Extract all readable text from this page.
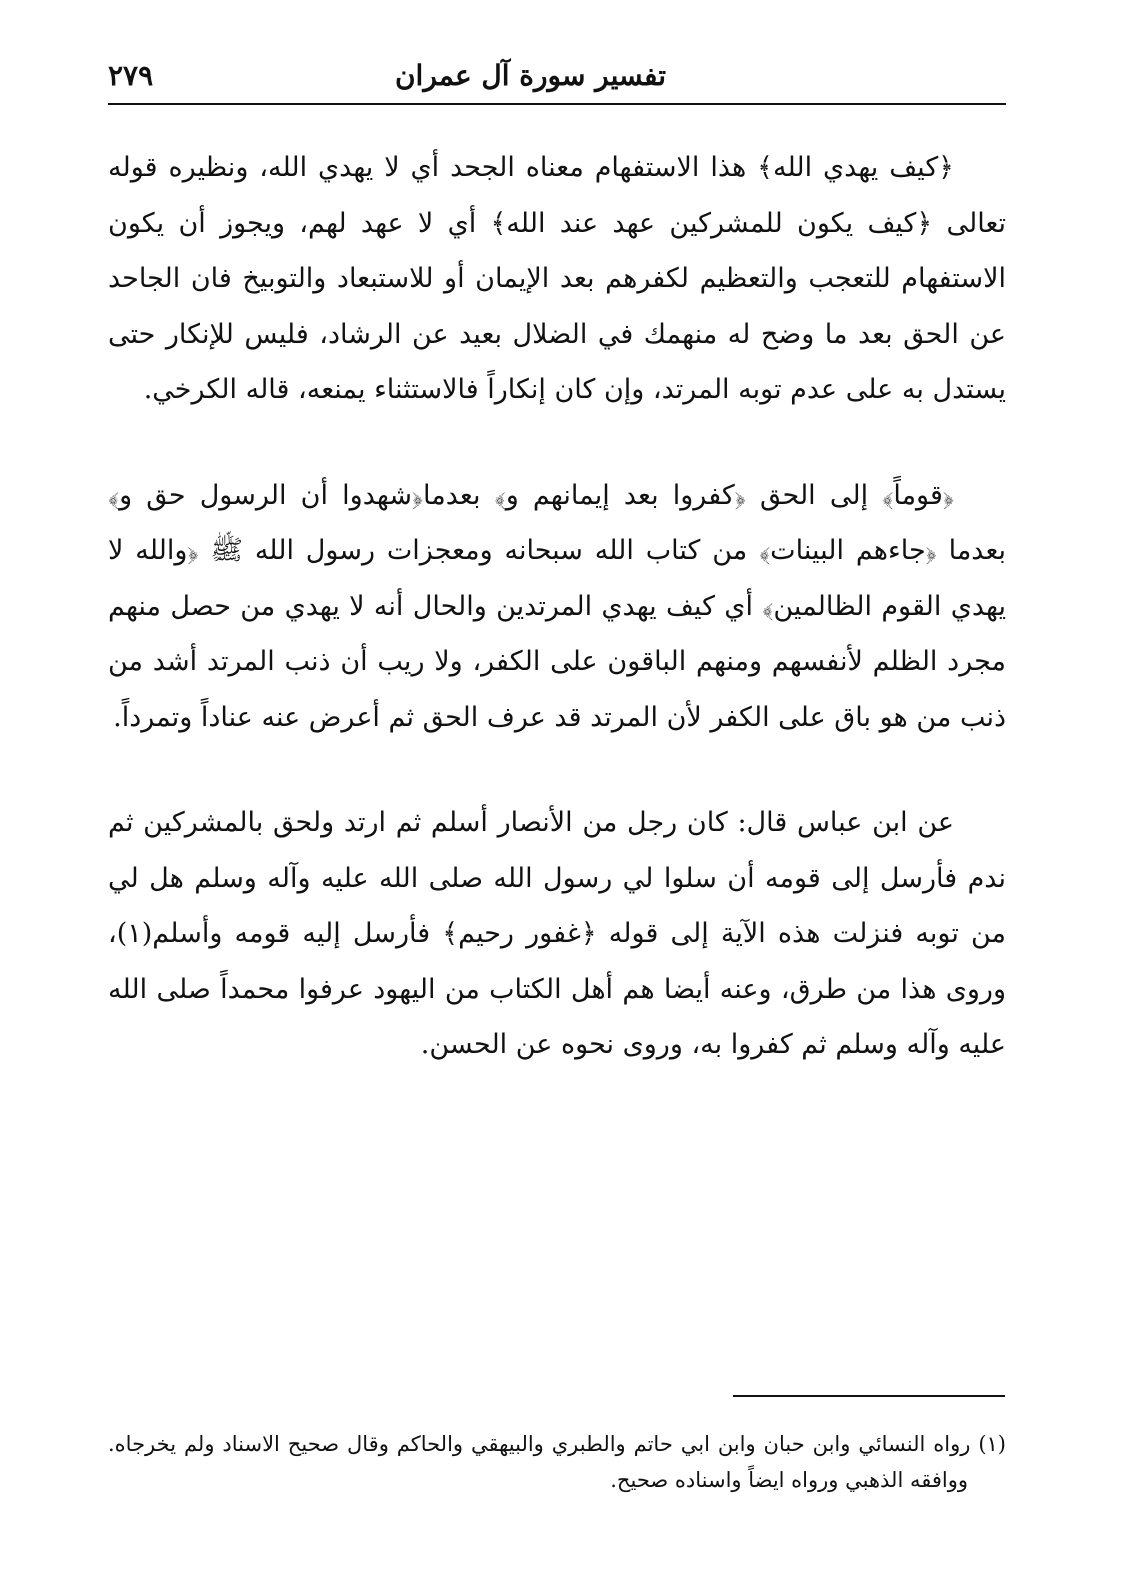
تفسير سورة آل عمران
٢٧٩

﴿كيف يهدي الله﴾ هذا الاستفهام معناه الجحد أي لا يهدي الله، ونظيره قوله تعالى ﴿كيف يكون للمشركين عهد عند الله﴾ أي لا عهد لهم، ويجوز أن يكون الاستفهام للتعجب والتعظيم لكفرهم بعد الإيمان أو للاستبعاد والتوبيخ فان الجاحد عن الحق بعد ما وضح له منهمك في الضلال بعيد عن الرشاد، فليس للإنكار حتى يستدل به على عدم توبه المرتد، وإن كان إنكاراً فالاستثناء يمنعه، قاله الكرخي.

﴿قوماً﴾ إلى الحق ﴿كفروا بعد إيمانهم و﴾ بعدما﴿شهدوا أن الرسول حق و﴾ بعدما ﴿جاءهم البينات﴾ من كتاب الله سبحانه ومعجزات رسول الله ﷺ ﴿والله لا يهدي القوم الظالمين﴾ أي كيف يهدي المرتدين والحال أنه لا يهدي من حصل منهم مجرد الظلم لأنفسهم ومنهم الباقون على الكفر، ولا ريب أن ذنب المرتد أشد من ذنب من هو باق على الكفر لأن المرتد قد عرف الحق ثم أعرض عنه عناداً وتمرداً.

عن ابن عباس قال: كان رجل من الأنصار أسلم ثم ارتد ولحق بالمشركين ثم ندم فأرسل إلى قومه أن سلوا لي رسول الله صلى الله عليه وآله وسلم هل لي من توبه فنزلت هذه الآية إلى قوله ﴿غفور رحيم﴾ فأرسل إليه قومه وأسلم(١)، وروى هذا من طرق، وعنه أيضا هم أهل الكتاب من اليهود عرفوا محمداً صلى الله عليه وآله وسلم ثم كفروا به، وروى نحوه عن الحسن.

(١) رواه النسائي وابن حبان وابن ابي حاتم والطبري والبيهقي والحاكم وقال صحيح الاسناد ولم يخرجاه. ووافقه الذهبي ورواه ايضاً واسناده صحيح.
